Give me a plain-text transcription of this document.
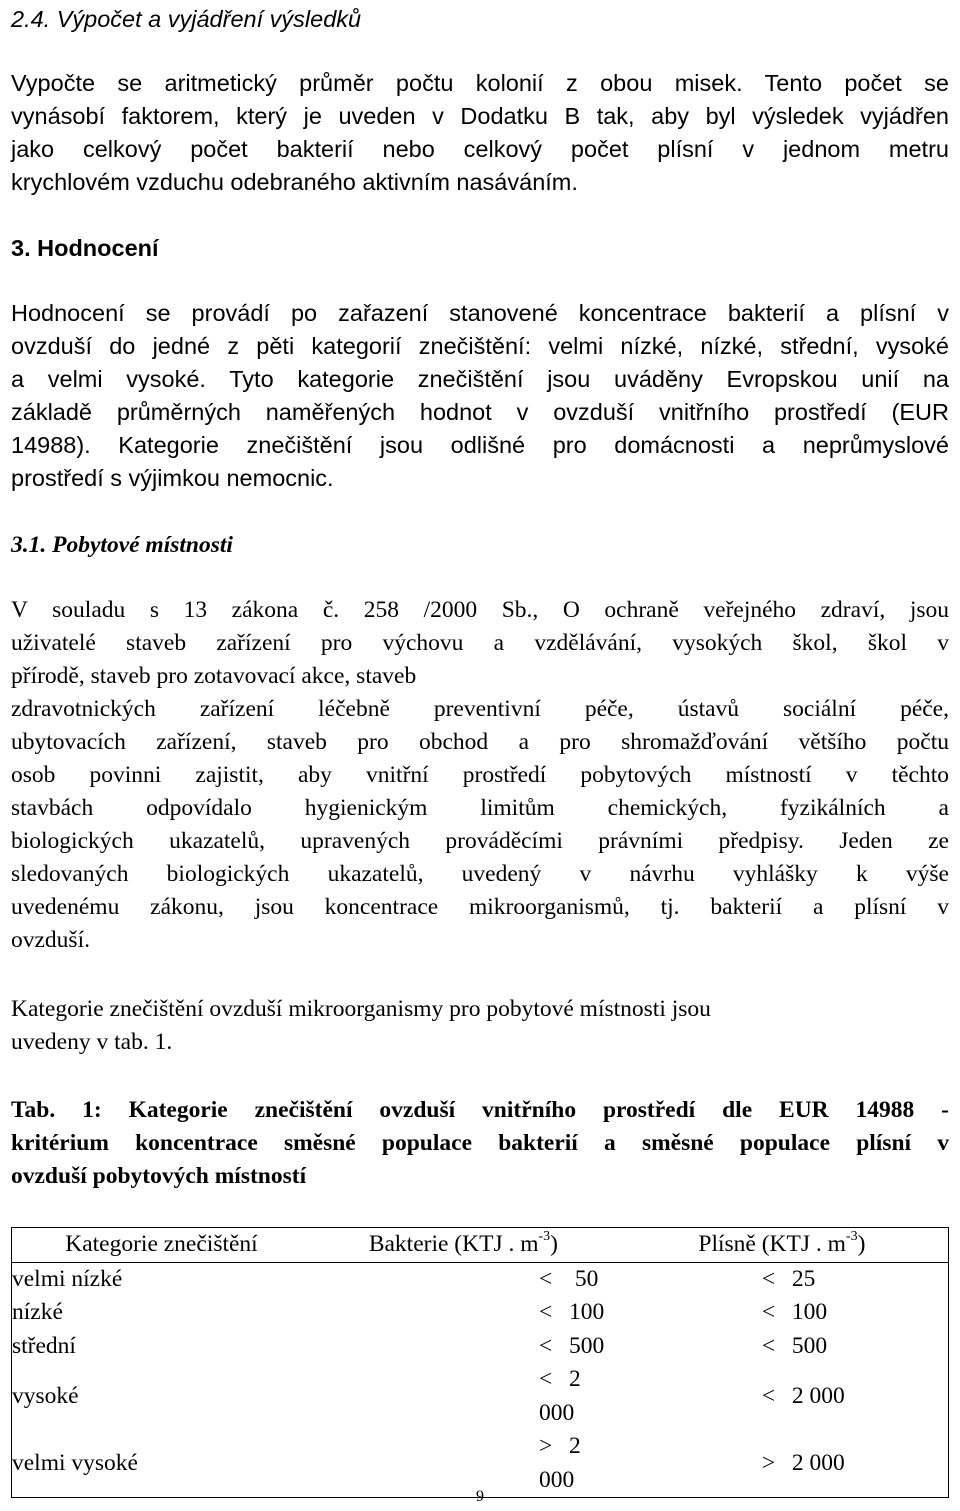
2.4. Výpočet a vyjádření výsledků
Vypočte se aritmetický průměr počtu kolonií z obou misek. Tento počet se
vynásobí faktorem, který je uveden v Dodatku B tak, aby byl výsledek vyjádřen
jako celkový počet bakterií nebo celkový počet plísní v jednom metru
krychlovém vzduchu odebraného aktivním nasáváním.
3. Hodnocení
Hodnocení se provádí po zařazení stanovené koncentrace bakterií a plísní v
ovzduší do jedné z pěti kategorií znečištění: velmi nízké, nízké, střední, vysoké
a velmi vysoké. Tyto kategorie znečištění jsou uváděny Evropskou unií na
základě průměrných naměřených hodnot v ovzduší vnitřního prostředí (EUR
14988). Kategorie znečištění jsou odlišné pro domácnosti a neprůmyslové
prostředí s výjimkou nemocnic.
3.1. Pobytové místnosti
V souladu s 13 zákona č. 258 /2000 Sb., O ochraně veřejného zdraví, jsou
uživatelé staveb zařízení pro výchovu a vzdělávání, vysokých škol, škol v
přírodě, staveb pro zotavovací akce, staveb
zdravotnických zařízení léčebně preventivní péče, ústavů sociální péče,
ubytovacích zařízení, staveb pro obchod a pro shromažďování většího počtu
osob povinni zajistit, aby vnitřní prostředí pobytových místností v těchto
stavbách odpovídalo hygienickým limitům chemických, fyzikálních a
biologických ukazatelů, upravených prováděcími právními předpisy. Jeden ze
sledovaných biologických ukazatelů, uvedený v návrhu vyhlášky k výše
uvedenému zákonu, jsou koncentrace mikroorganismů, tj. bakterií a plísní v
ovzduší.
Kategorie znečištění ovzduší mikroorganismy pro pobytové místnosti jsou
uvedeny v tab. 1.
Tab. 1: Kategorie znečištění ovzduší vnitřního prostředí dle EUR 14988 -
kritérium koncentrace směsné populace bakterií a směsné populace plísní v
ovzduší pobytových místností
Kategorie znečištění	Bakterie (KTJ . $m^{-3}$)	Plísně (KTJ . $m^{-3}$)
velmi nízké	< 50	< 25
nízké	< 100	< 100
střední	< 500	< 500
vysoké	< 2 000	< 2 000
velmi vysoké	> 2 000	> 2 000
9
